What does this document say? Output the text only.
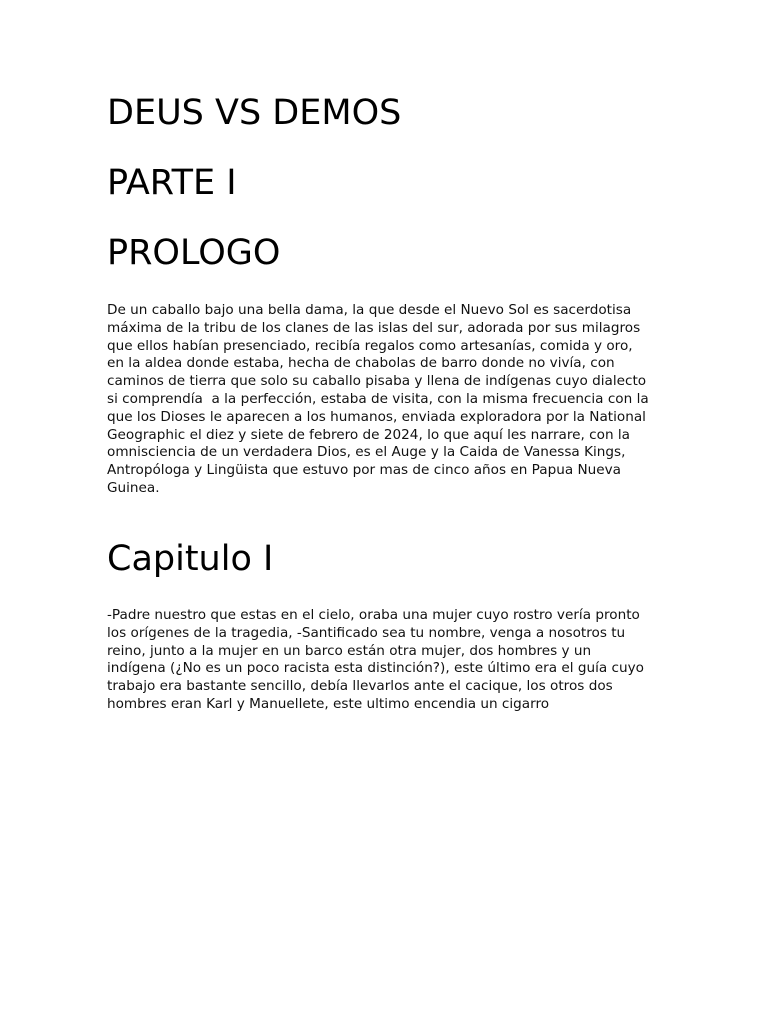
DEUS VS DEMOS
PARTE I
PROLOGO

De un caballo bajo una bella dama, la que desde el Nuevo Sol es sacerdotisa
máxima de la tribu de los clanes de las islas del sur, adorada por sus milagros
que ellos habían presenciado, recibía regalos como artesanías, comida y oro,
en la aldea donde estaba, hecha de chabolas de barro donde no vivía, con
caminos de tierra que solo su caballo pisaba y llena de indígenas cuyo dialecto
si comprendía  a la perfección, estaba de visita, con la misma frecuencia con la
que los Dioses le aparecen a los humanos, enviada exploradora por la National
Geographic el diez y siete de febrero de 2024, lo que aquí les narrare, con la
omnisciencia de un verdadera Dios, es el Auge y la Caida de Vanessa Kings,
Antropóloga y Lingüista que estuvo por mas de cinco años en Papua Nueva
Guinea.

Capitulo I

-Padre nuestro que estas en el cielo, oraba una mujer cuyo rostro vería pronto
los orígenes de la tragedia, -Santificado sea tu nombre, venga a nosotros tu
reino, junto a la mujer en un barco están otra mujer, dos hombres y un
indígena (¿No es un poco racista esta distinción?), este último era el guía cuyo
trabajo era bastante sencillo, debía llevarlos ante el cacique, los otros dos
hombres eran Karl y Manuellete, este ultimo encendia un cigarro
